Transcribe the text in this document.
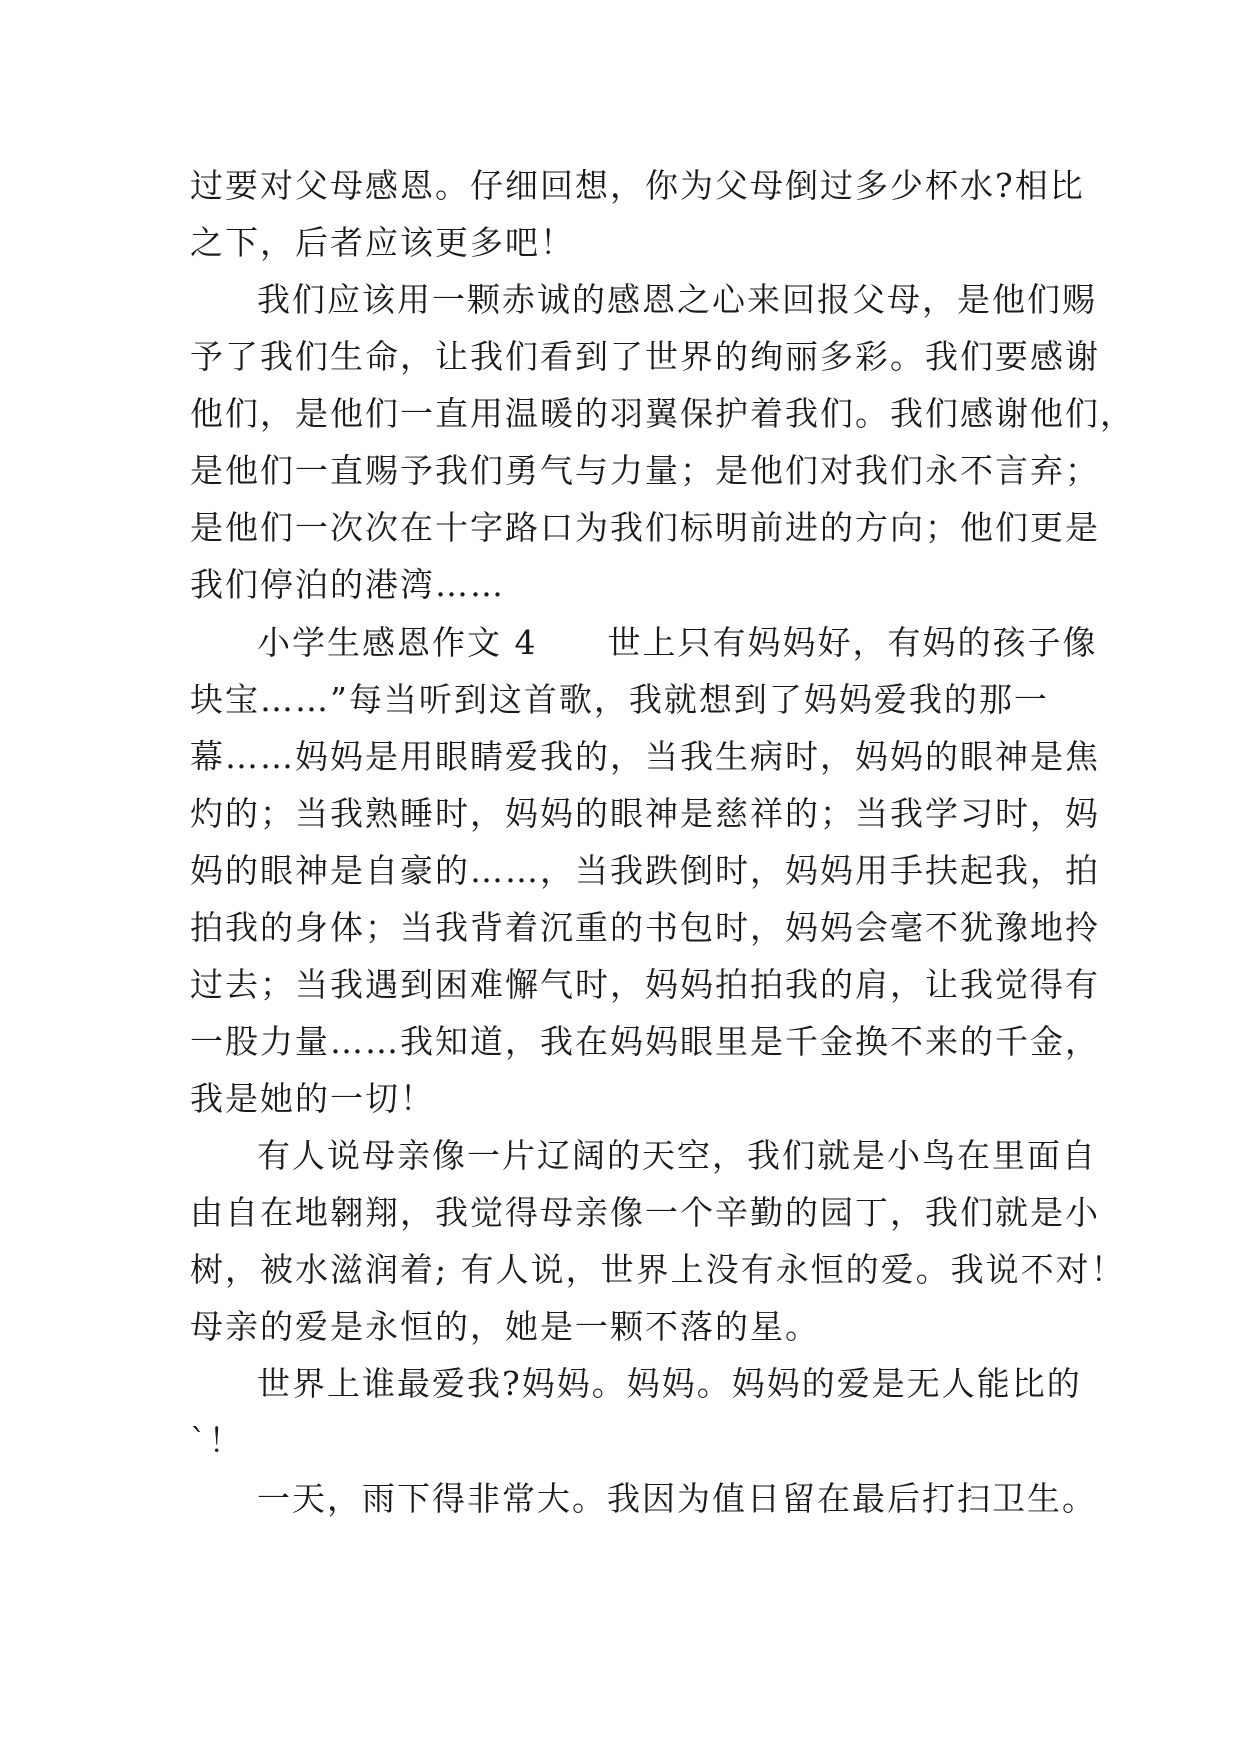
过要对父母感恩。仔细回想，你为父母倒过多少杯水?相比
之下，后者应该更多吧！
我们应该用一颗赤诚的感恩之心来回报父母，是他们赐
予了我们生命，让我们看到了世界的绚丽多彩。我们要感谢
他们，是他们一直用温暖的羽翼保护着我们。我们感谢他们，
是他们一直赐予我们勇气与力量；是他们对我们永不言弃；
是他们一次次在十字路口为我们标明前进的方向；他们更是
我们停泊的港湾……
小学生感恩作文 4　　世上只有妈妈好，有妈的孩子像
块宝……”每当听到这首歌，我就想到了妈妈爱我的那一
幕……妈妈是用眼睛爱我的，当我生病时，妈妈的眼神是焦
灼的；当我熟睡时，妈妈的眼神是慈祥的；当我学习时，妈
妈的眼神是自豪的……，当我跌倒时，妈妈用手扶起我，拍
拍我的身体；当我背着沉重的书包时，妈妈会毫不犹豫地拎
过去；当我遇到困难懈气时，妈妈拍拍我的肩，让我觉得有
一股力量……我知道，我在妈妈眼里是千金换不来的千金，
我是她的一切！
有人说母亲像一片辽阔的天空，我们就是小鸟在里面自
由自在地翱翔，我觉得母亲像一个辛勤的园丁，我们就是小
树，被水滋润着; 有人说，世界上没有永恒的爱。我说不对！
母亲的爱是永恒的，她是一颗不落的星。
世界上谁最爱我?妈妈。妈妈。妈妈的爱是无人能比的
`！
一天，雨下得非常大。我因为值日留在最后打扫卫生。
